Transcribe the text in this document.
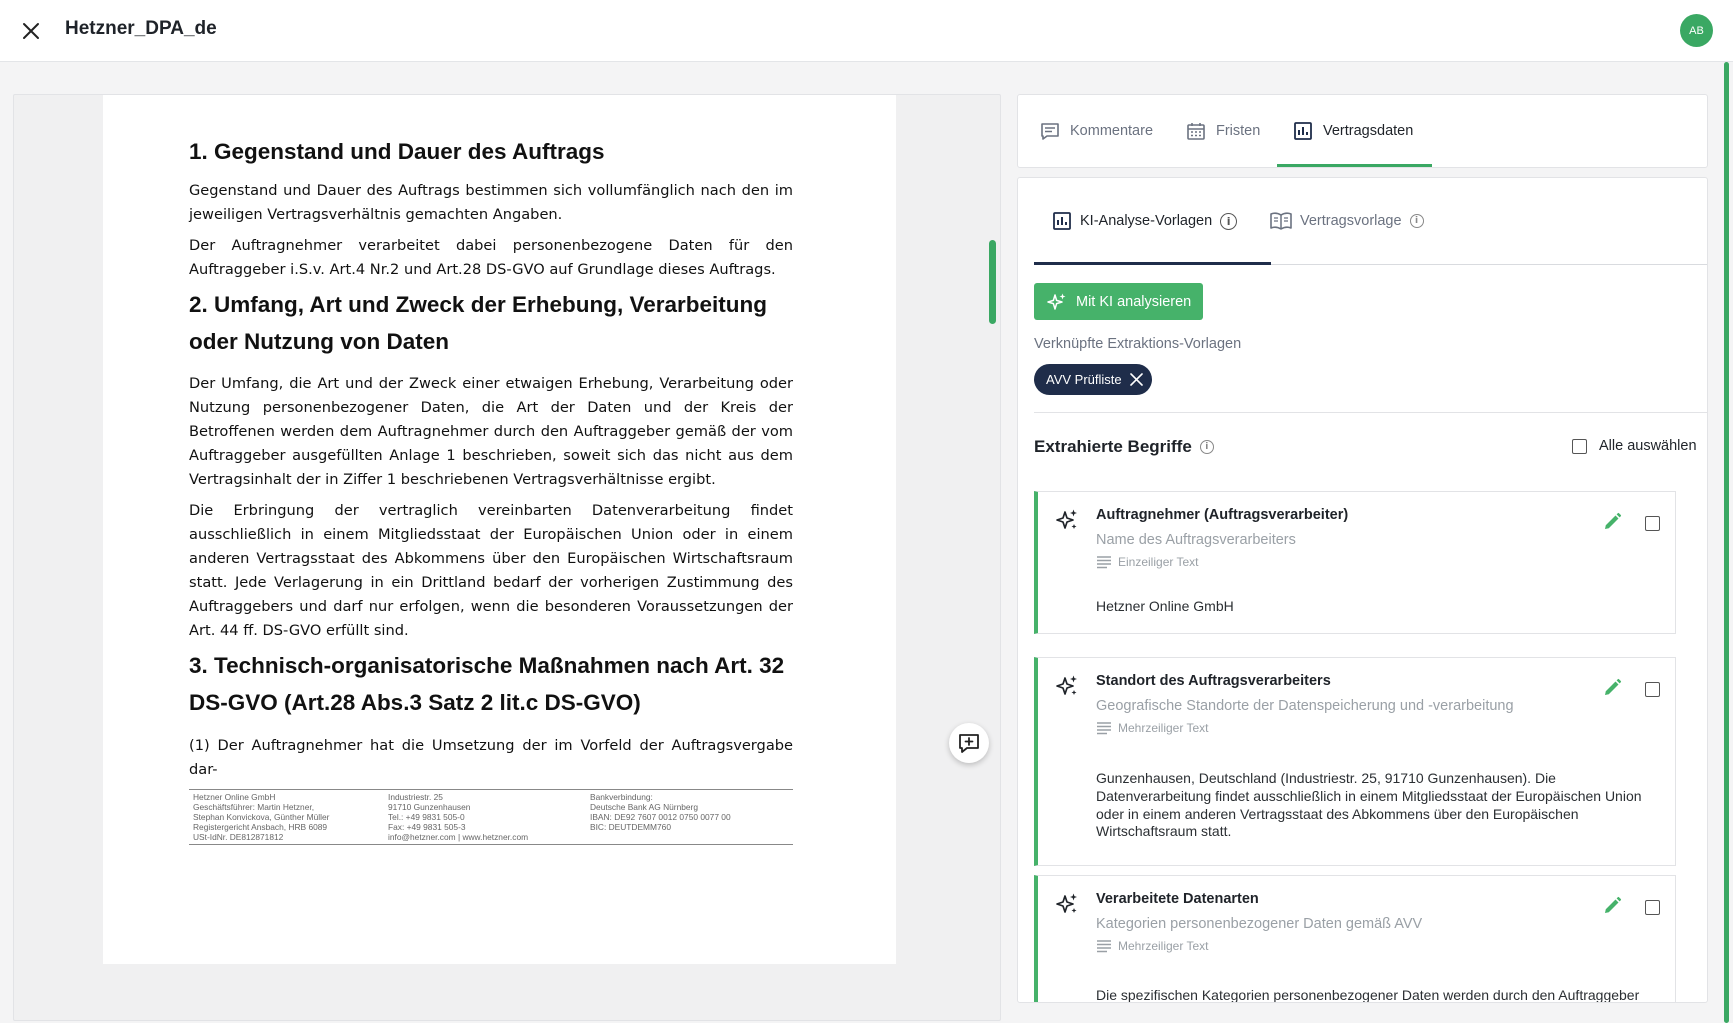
Hetzner_DPA_de	AB
1. Gegenstand und Dauer des Auftrags

Gegenstand und Dauer des Auftrags bestimmen sich vollumfänglich nach den im jeweiligen Vertragsverhältnis gemachten Angaben.

Der Auftragnehmer verarbeitet dabei personenbezogene Daten für den Auftraggeber i.S.v. Art.4 Nr.2 und Art.28 DS-GVO auf Grundlage dieses Auftrags.

2. Umfang, Art und Zweck der Erhebung, Verarbeitung oder Nutzung von Daten

Der Umfang, die Art und der Zweck einer etwaigen Erhebung, Verarbeitung oder Nutzung personenbezogener Daten, die Art der Daten und der Kreis der Betroffenen werden dem Auftragnehmer durch den Auftraggeber gemäß der vom Auftraggeber ausgefüllten Anlage 1 beschrieben, soweit sich das nicht aus dem Vertragsinhalt der in Ziffer 1 beschriebenen Vertragsverhältnisse ergibt.

Die Erbringung der vertraglich vereinbarten Datenverarbeitung findet ausschließlich in einem Mitgliedsstaat der Europäischen Union oder in einem anderen Vertragsstaat des Abkommens über den Europäischen Wirtschaftsraum statt. Jede Verlagerung in ein Drittland bedarf der vorherigen Zustimmung des Auftraggebers und darf nur erfolgen, wenn die besonderen Voraussetzungen der Art. 44 ff. DS-GVO erfüllt sind.

3. Technisch-organisatorische Maßnahmen nach Art. 32 DS-GVO (Art.28 Abs.3 Satz 2 lit.c DS-GVO)

(1) Der Auftragnehmer hat die Umsetzung der im Vorfeld der Auftragsvergabe dar-

Hetzner Online GmbH
Geschäftsführer: Martin Hetzner,
Stephan Konvickova, Günther Müller
Registergericht Ansbach, HRB 6089
USt-IdNr. DE812871812
Industriestr. 25
91710 Gunzenhausen
Tel.: +49 9831 505-0
Fax: +49 9831 505-3
info@hetzner.com | www.hetzner.com
Bankverbindung:
Deutsche Bank AG Nürnberg
IBAN: DE92 7607 0012 0750 0077 00
BIC: DEUTDEMM760
Kommentare	Fristen	Vertragsdaten
KI-Analyse-Vorlagen	i	Vertragsvorlage	i
Mit KI analysieren
Verknüpfte Extraktions-Vorlagen
AVV Prüfliste
Extrahierte Begriffe	i	Alle auswählen
Auftragnehmer (Auftragsverarbeiter)
Name des Auftragsverarbeiters
Einzeiliger Text
Hetzner Online GmbH
Standort des Auftragsverarbeiters
Geografische Standorte der Datenspeicherung und -verarbeitung
Mehrzeiliger Text
Gunzenhausen, Deutschland (Industriestr. 25, 91710 Gunzenhausen). Die Datenverarbeitung findet ausschließlich in einem Mitgliedsstaat der Europäischen Union oder in einem anderen Vertragsstaat des Abkommens über den Europäischen Wirtschaftsraum statt.
Verarbeitete Datenarten
Kategorien personenbezogener Daten gemäß AVV
Mehrzeiliger Text
Die spezifischen Kategorien personenbezogener Daten werden durch den Auftraggeber
